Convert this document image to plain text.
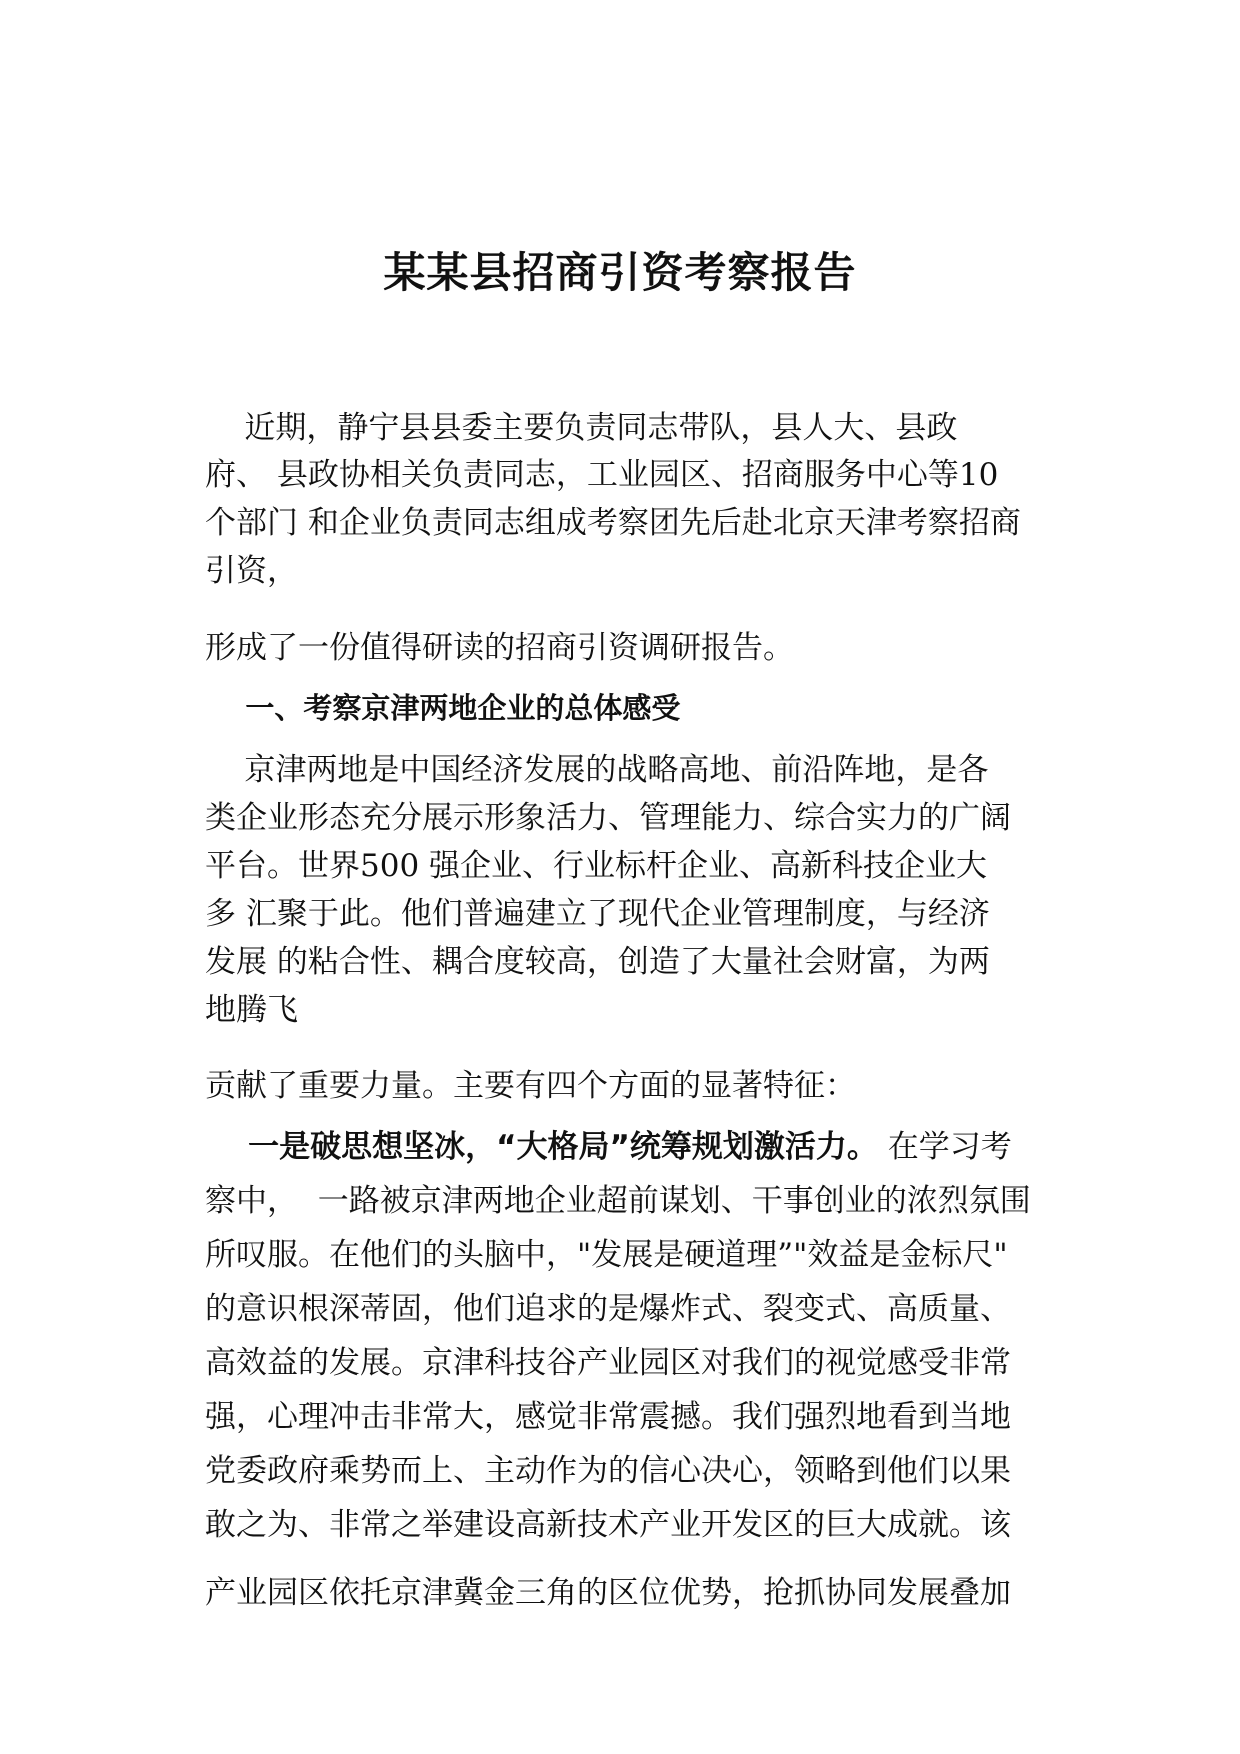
某某县招商引资考察报告

近期，静宁县县委主要负责同志带队，县人大、县政

府、 县政协相关负责同志，工业园区、招商服务中心等10

个部门 和企业负责同志组成考察团先后赴北京天津考察招商

引资，

形成了一份值得研读的招商引资调研报告。

一、考察京津两地企业的总体感受

京津两地是中国经济发展的战略高地、前沿阵地，是各

类企业形态充分展示形象活力、管理能力、综合实力的广阔

平台。世界500 强企业、行业标杆企业、高新科技企业大

多 汇聚于此。他们普遍建立了现代企业管理制度，与经济

发展 的粘合性、耦合度较高，创造了大量社会财富，为两

地腾飞

贡献了重要力量。主要有四个方面的显著特征：

一是破思想坚冰，“大格局”统筹规划激活力。 在学习考

察中，  一路被京津两地企业超前谋划、干事创业的浓烈氛围

所叹服。在他们的头脑中，"发展是硬道理”"效益是金标尺"

的意识根深蒂固，他们追求的是爆炸式、裂变式、高质量、

高效益的发展。京津科技谷产业园区对我们的视觉感受非常

强，心理冲击非常大，感觉非常震撼。我们强烈地看到当地

党委政府乘势而上、主动作为的信心决心，领略到他们以果

敢之为、非常之举建设高新技术产业开发区的巨大成就。该

产业园区依托京津冀金三角的区位优势，抢抓协同发展叠加
